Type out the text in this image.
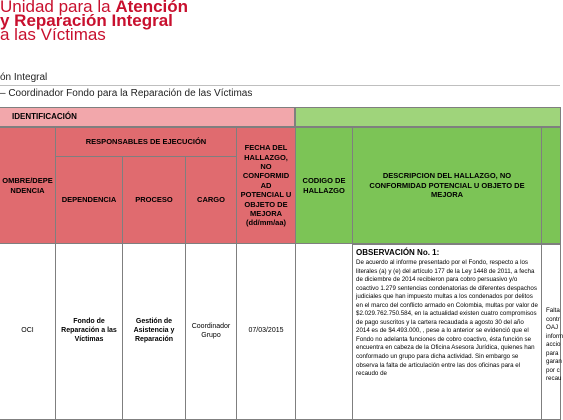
Unidad para la Atención
y Reparación Integral
a las Víctimas
ón Integral
– Coordinador Fondo para la Reparación de las Víctimas
IDENTIFICACIÓN
OMBRE/DEPE NDENCIA
RESPONSABLES DE EJECUCIÓN
DEPENDENCIA	PROCESO	CARGO
FECHA DEL HALLAZGO, NO CONFORMID AD POTENCIAL U OBJETO DE MEJORA (dd/mm/aa)
CODIGO DE HALLAZGO
DESCRIPCION DEL HALLAZGO, NO CONFORMIDAD POTENCIAL U OBJETO DE MEJORA
OCI
Fondo de Reparación a las Víctimas
Gestión de Asistencia y Reparación
Coordinador Grupo
07/03/2015
OBSERVACIÓN No. 1:
De acuerdo al informe presentado por el Fondo, respecto a los literales (a) y (e) del artículo 177 de la Ley 1448 de 2011, a fecha de diciembre de 2014 recibieron para cobro persuasivo y/o coactivo 1.279 sentencias condenatorias de diferentes despachos judiciales que han impuesto multas a los condenados por delitos en el marco del conflicto armado en Colombia, multas por valor de $2.029.762.750.584, en la actualidad existen cuatro compromisos de pago suscritos y la cartera recaudada a agosto 30 del año 2014 es de $4.493.000, , pese a lo anterior se evidenció que el Fondo no adelanta funciones de cobro coactivo, ésta función se encuentra en cabeza de la Oficina Asesora Jurídica, quienes han conformado un grupo para dicha actividad. Sin embargo se observa la falta de articulación entre las dos oficinas para el recaudo de
Falta
contr
OAJ
inform
accio
para
garan
por c
recau
